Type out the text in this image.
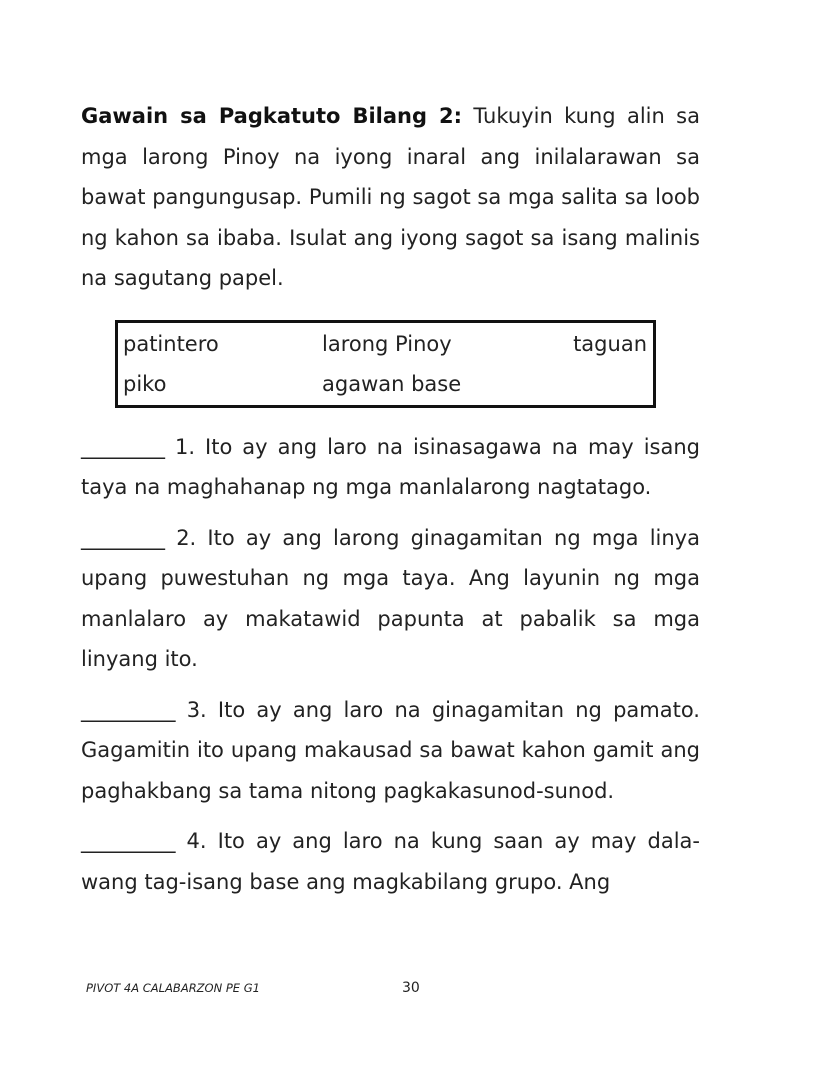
Gawain sa Pagkatuto Bilang 2: Tukuyin kung alin sa mga larong Pinoy na iyong inaral ang inilalarawan sa bawat pangungusap. Pumili ng sagot sa mga salita sa loob ng kahon sa ibaba. Isulat ang iyong sagot sa isang malinis na sagutang papel.

patintero	larong Pinoy	taguan
piko	agawan base

________ 1. Ito ay ang laro na isinasagawa na may isang taya na maghahanap ng mga manlalarong nagtatago.

________ 2. Ito ay ang larong ginagamitan ng mga linya upang puwestuhan ng mga taya. Ang layunin ng mga manlalaro ay makatawid papunta at pabalik sa mga linyang ito.

_________ 3. Ito ay ang laro na ginagamitan ng pamato. Gagamitin ito upang makausad sa bawat kahon gamit ang paghakbang sa tama nitong pagkakasunod-sunod.

_________ 4. Ito ay ang laro na kung saan ay may dala-wang tag-isang base ang magkabilang grupo. Ang

PIVOT 4A CALABARZON PE G1	30
